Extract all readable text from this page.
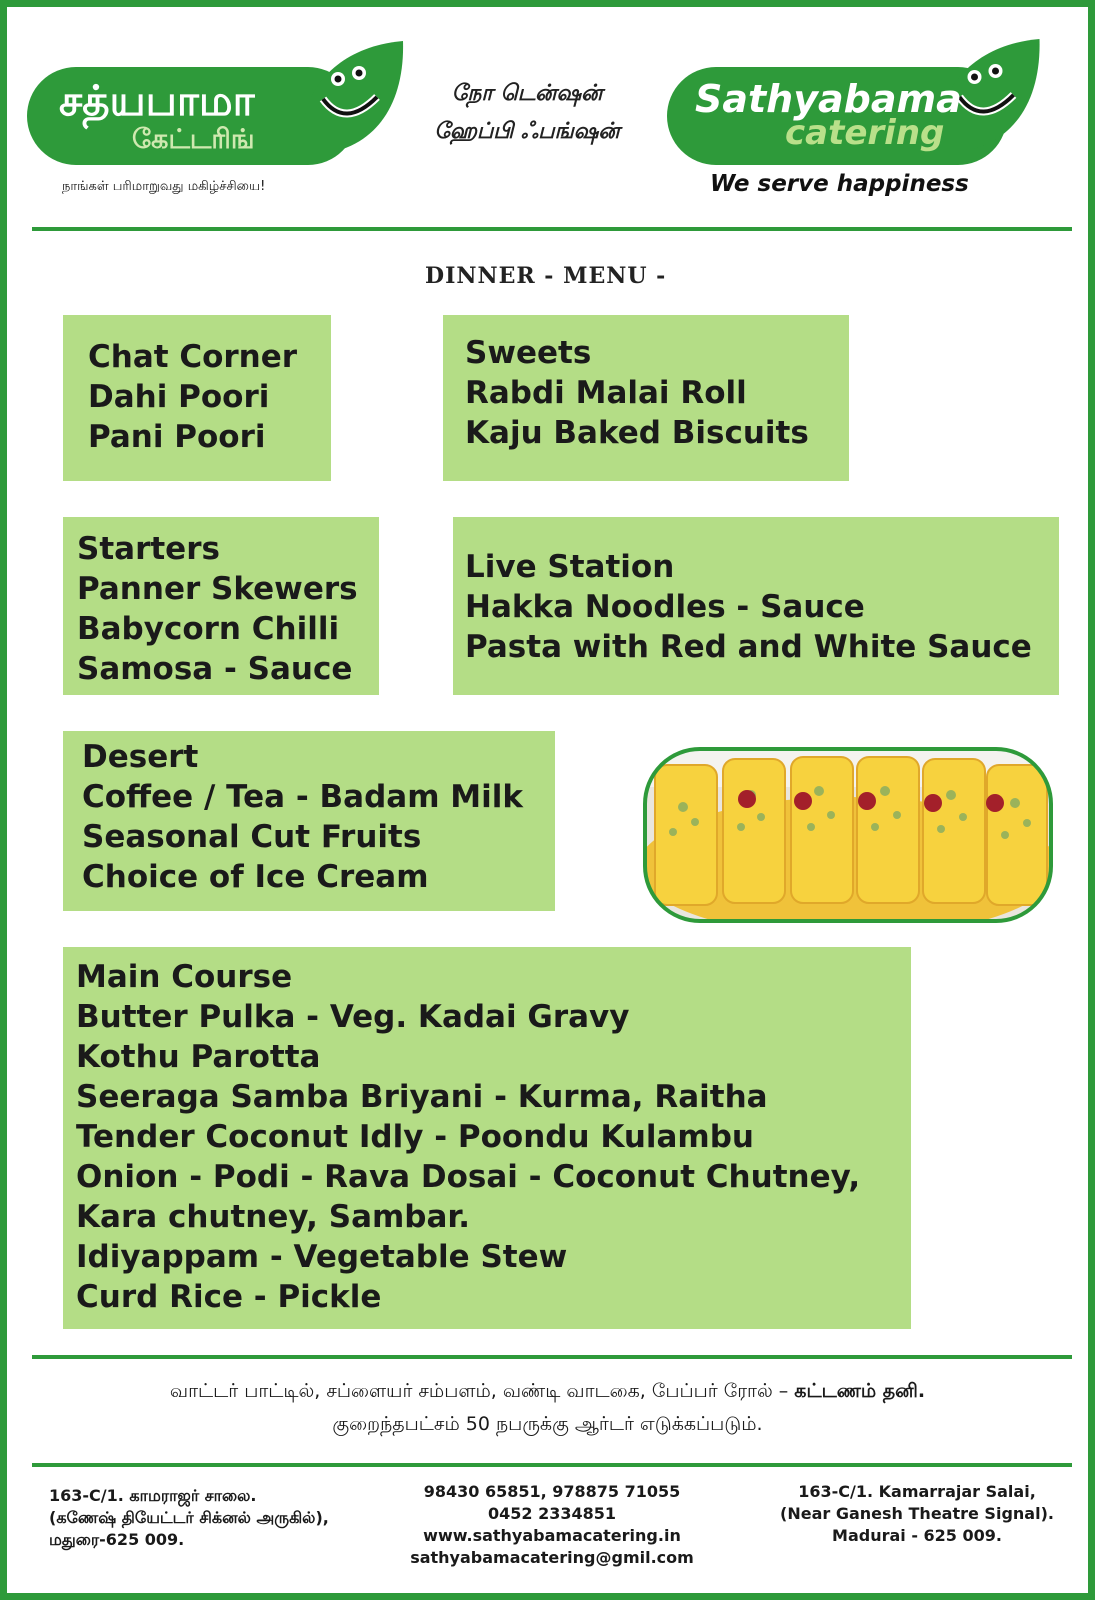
சத்யபாமா
கேட்டரிங்
நாங்கள் பரிமாறுவது மகிழ்ச்சியை!
நோ டென்ஷன்
ஹேப்பி ஃபங்ஷன்
Sathyabama
catering
We serve happiness
DINNER - MENU -
Chat Corner
Dahi Poori
Pani Poori
Sweets
Rabdi Malai Roll
Kaju Baked Biscuits
Starters
Panner Skewers
Babycorn Chilli
Samosa - Sauce
Live Station
Hakka Noodles - Sauce
Pasta with Red and White Sauce
Desert
Coffee / Tea - Badam Milk
Seasonal Cut Fruits
Choice of Ice Cream
Main Course
Butter Pulka - Veg. Kadai Gravy
Kothu Parotta
Seeraga Samba Briyani - Kurma, Raitha
Tender Coconut Idly - Poondu Kulambu
Onion - Podi - Rava Dosai - Coconut Chutney,
Kara chutney, Sambar.
Idiyappam - Vegetable Stew
Curd Rice - Pickle
வாட்டர் பாட்டில், சப்ளையர் சம்பளம், வண்டி வாடகை, பேப்பர் ரோல் – கட்டணம் தனி.
குறைந்தபட்சம் 50 நபருக்கு ஆர்டர் எடுக்கப்படும்.
163-C/1. காமராஜர் சாலை.
(கணேஷ் தியேட்டர் சிக்னல் அருகில்),
மதுரை-625 009.
98430 65851, 978875 71055
0452 2334851
www.sathyabamacatering.in
sathyabamacatering@gmil.com
163-C/1. Kamarrajar Salai,
(Near Ganesh Theatre Signal).
Madurai - 625 009.
